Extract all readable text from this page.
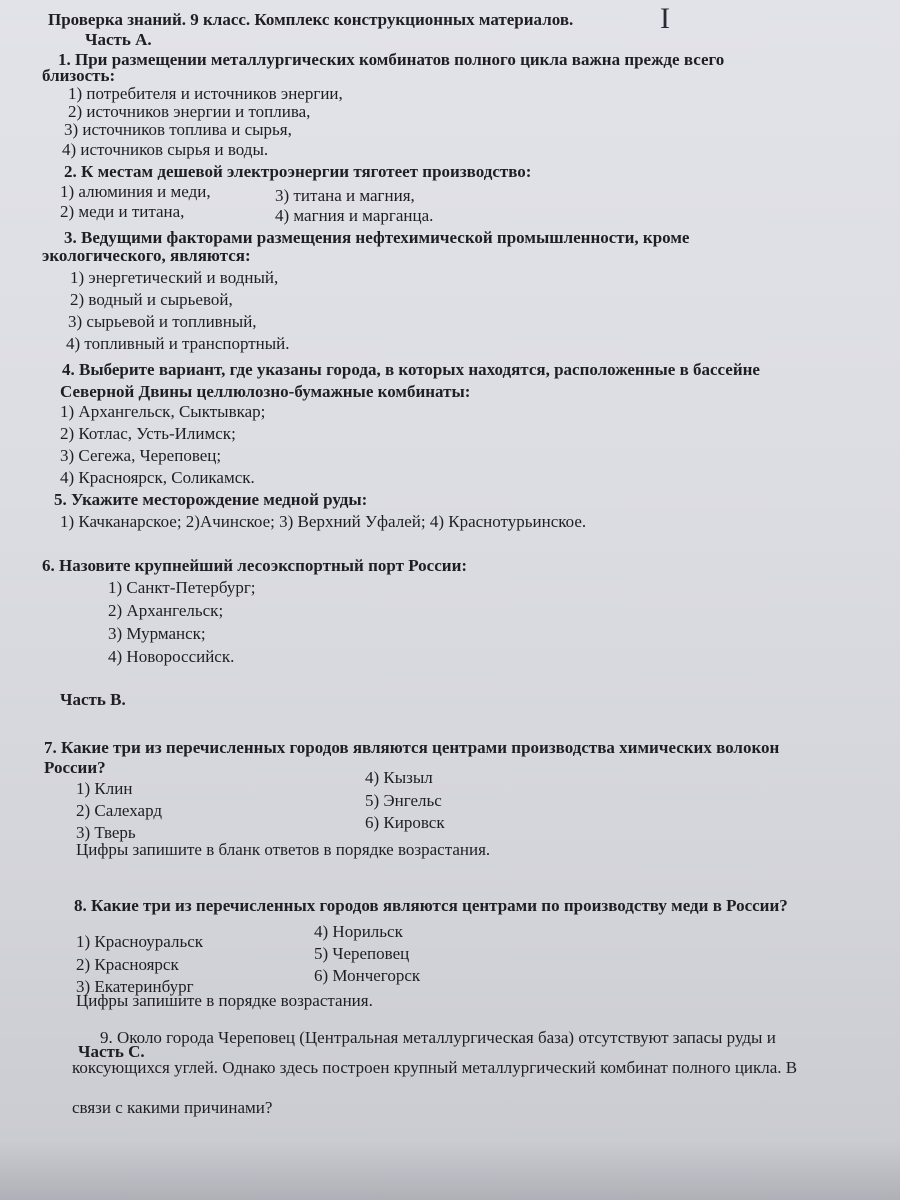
Проверка знаний. 9 класс. Комплекс конструкционных материалов.	I
Часть А.
1. При размещении металлургических комбинатов полного цикла важна прежде всего
близость:
1) потребителя и источников энергии,
2) источников энергии и топлива,
3) источников топлива и сырья,
4) источников сырья и воды.
2. К местам дешевой электроэнергии тяготеет производство:
1) алюминия и меди,	3) титана и магния,
2) меди и титана,	4) магния и марганца.
3. Ведущими факторами размещения нефтехимической промышленности, кроме
экологического, являются:
1) энергетический и водный,
2) водный и сырьевой,
3) сырьевой и топливный,
4) топливный и транспортный.
4. Выберите вариант, где указаны города, в которых находятся, расположенные в бассейне
Северной Двины целлюлозно-бумажные комбинаты:
1) Архангельск, Сыктывкар;
2) Котлас, Усть-Илимск;
3) Сегежа, Череповец;
4) Красноярск, Соликамск.
5. Укажите месторождение медной руды:
1) Качканарское; 2)Ачинское; 3) Верхний Уфалей; 4) Краснотурьинское.
6. Назовите крупнейший лесоэкспортный порт России:
1) Санкт-Петербург;
2) Архангельск;
3) Мурманск;
4) Новороссийск.
Часть В.
7. Какие три из перечисленных городов являются центрами производства химических волокон
России?
1) Клин
2) Салехард
3) Тверь
4) Кызыл
5) Энгельс
6) Кировск
Цифры запишите в бланк ответов в порядке возрастания.
8. Какие три из перечисленных городов являются центрами по производству меди в России?
1) Красноуральск
2) Красноярск
3) Екатеринбург
4) Норильск
5) Череповец
6) Мончегорск
Цифры запишите в порядке возрастания.
Часть С.
9. Около города Череповец (Центральная металлургическая база) отсутствуют запасы руды и
коксующихся углей. Однако здесь построен крупный металлургический комбинат полного цикла. В
связи с какими причинами?
